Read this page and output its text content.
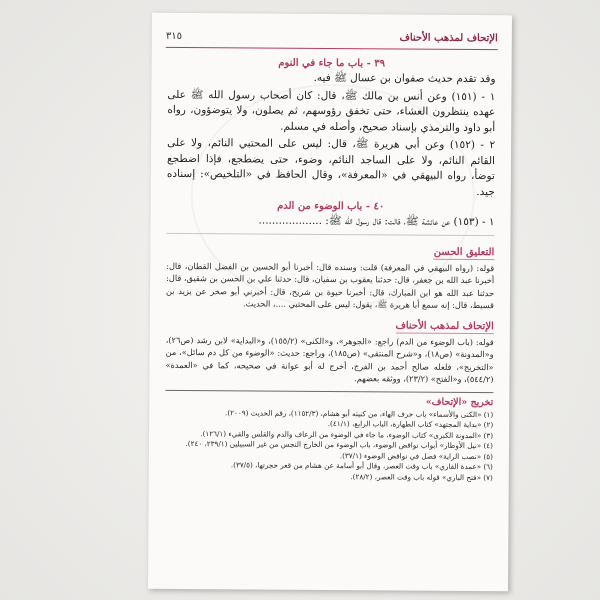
الإتحاف لمذهب الأحناف
٣١٥
٣٩ - باب ما جاء في النوم

وقد تقدم حديث صفوان بن عسال ﷺ فيه.

١ - (١٥١) وعن أنس بن مالك ﷺ، قال: كان أصحاب رسول الله ﷺ على عهده ينتظرون العشاء، حتى تخفق رؤوسهم، ثم يصلون، ولا يتوضؤون، رواه أبو داود والترمذي بإسناد صحيح، وأصله في مسلم.

٢ - (١٥٢) وعن أبي هريرة ﷺ، قال: ليس على المحتبي النائم، ولا على القائم النائم، ولا على الساجد النائم، وضوء، حتى يضطجع، فإذا اضطجع توضأ، رواه البيهقي في «المعرفة»، وقال الحافظ في «التلخيص»: إسناده جيد.

٤٠ - باب الوضوء من الدم

١ - (١٥٣) عن عائشة ﷺ، قالت: قال رسول الله ﷺ: ...................

التعليق الحسن

قوله: (رواه البيهقي في المعرفة) قلت: وسنده قال: أخبرنا أبو الحسين بن الفضل القطان، قال: أخبرنا عبد الله بن جعفر، قال: حدثنا يعقوب بن سفيان، قال: حدثنا علي بن الحسن بن شقيق، قال: حدثنا عبد الله هو ابن المبارك، قال: أخبرنا حيوة بن شريح، قال: أخبرني أبو صخر عن يزيد بن قسيط، قال: إنه سمع أبا هريرة ﷺ، يقول: ليس على المحتبي ....، الحديث.

الإتحاف لمذهب الأحناف

قوله: (باب الوضوء من الدم) راجع: «الجوهر»، و«الكنى» (١٥٥/٢)، و«البداية» لابن رشد (ص٢٦)، و«المدونة» (ص١٨)، و«شرح المنتقى» (ص١٨٥)، وراجع: حديث: «الوضوء من كل دم سائل»، من «التخريج»، فلعله صالح أحمد بن الفرج، أخرج له أبو عوانة في صحيحه، كما في «العمدة» (٥٤٤/٢)، و«الفتح» (٢٣/٢)، ووثقه بعضهم.

تخريج «الإتحاف»

(١) «الكنى والأسماء» باب حرف الهاء، من كنيته أبو هشام، (١١٥٢/٣)، رقم الحديث (٢٠٠٩).

(٢) «بداية المجتهد» كتاب الطهارة، الباب الرابع، (٤١/١).

(٣) «المدونة الكبرى» كتاب الوضوء، ما جاء في الوضوء من الرعاف والدم والقلس والقيء (١٢٦/١).

(٤) «نيل الأوطار» أبواب نواقض الوضوء، باب الوضوء من الخارج النجس من غير السبيلين (٢٣٩/١، ٢٤٠).

(٥) «نصب الراية» فصل في نواقض الوضوء (٣٧/١).

(٦) «عمدة القاري» باب وقت العصر، وقال أبو أسامة عن هشام من قعر حجرتها، (٣٧/٥).

(٧) «فتح الباري» قوله باب وقت العصر، (٢٨/٢).
